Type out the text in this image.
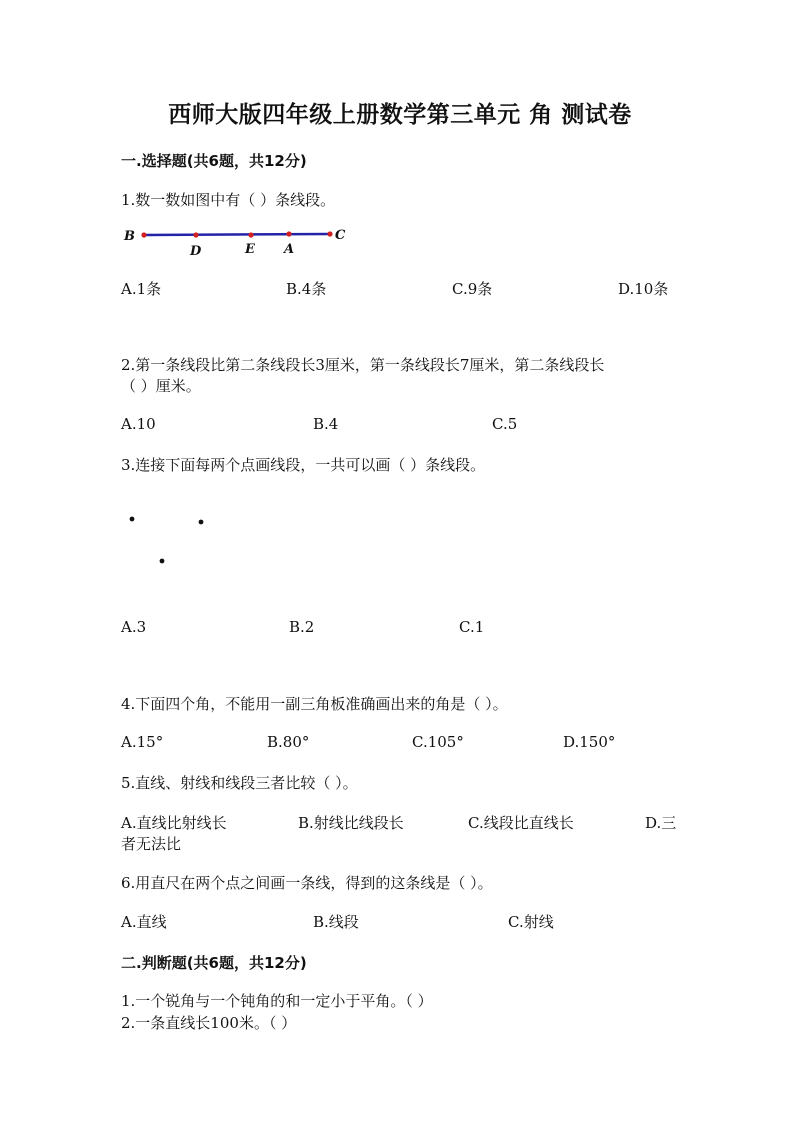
西师大版四年级上册数学第三单元 角 测试卷
一.选择题(共6题，共12分)
1.数一数如图中有（ ）条线段。
B
D	E A
C
A.1条	B.4条	C.9条	D.10条
2.第一条线段比第二条线段长3厘米，第一条线段长7厘米，第二条线段长
（ ）厘米。
A.10	B.4	C.5
3.连接下面每两个点画线段，一共可以画（ ）条线段。
A.3	B.2	C.1
4.下面四个角，不能用一副三角板准确画出来的角是（ ）。
A.15°	B.80°	C.105°	D.150°
5.直线、射线和线段三者比较（ ）。
A.直线比射线长	B.射线比线段长	C.线段比直线长	D.三
者无法比
6.用直尺在两个点之间画一条线，得到的这条线是（ ）。
A.直线	B.线段	C.射线
二.判断题(共6题，共12分)
1.一个锐角与一个钝角的和一定小于平角。（ ）
2.一条直线长100米。（ ）
